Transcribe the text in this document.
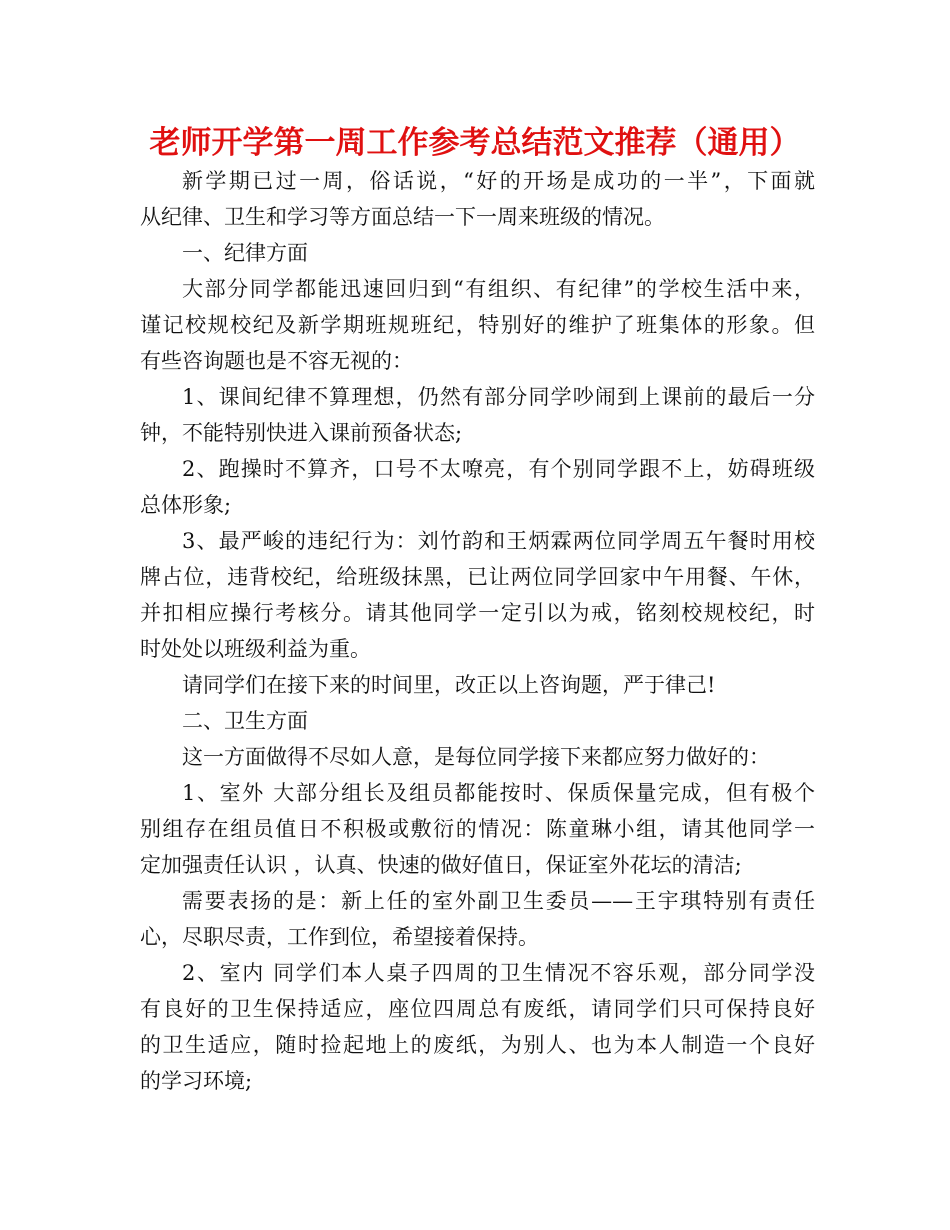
老师开学第一周工作参考总结范文推荐（通用）
新学期已过一周，俗话说，“好的开场是成功的一半”，下面就
从纪律、卫生和学习等方面总结一下一周来班级的情况。
一、纪律方面
大部分同学都能迅速回归到“有组织、有纪律”的学校生活中来，
谨记校规校纪及新学期班规班纪，特别好的维护了班集体的形象。但
有些咨询题也是不容无视的：
1、课间纪律不算理想，仍然有部分同学吵闹到上课前的最后一分
钟，不能特别快进入课前预备状态;
2、跑操时不算齐，口号不太嘹亮，有个别同学跟不上，妨碍班级
总体形象;
3、最严峻的违纪行为：刘竹韵和王炳霖两位同学周五午餐时用校
牌占位，违背校纪，给班级抹黑，已让两位同学回家中午用餐、午休，
并扣相应操行考核分。请其他同学一定引以为戒，铭刻校规校纪，时
时处处以班级利益为重。
请同学们在接下来的时间里，改正以上咨询题，严于律己!
二、卫生方面
这一方面做得不尽如人意，是每位同学接下来都应努力做好的：
1、室外 大部分组长及组员都能按时、保质保量完成，但有极个
别组存在组员值日不积极或敷衍的情况：陈童琳小组，请其他同学一
定加强责任认识 ，认真、快速的做好值日，保证室外花坛的清洁;
需要表扬的是：新上任的室外副卫生委员——王宇琪特别有责任
心，尽职尽责，工作到位，希望接着保持。
2、室内 同学们本人桌子四周的卫生情况不容乐观，部分同学没
有良好的卫生保持适应，座位四周总有废纸，请同学们只可保持良好
的卫生适应，随时捡起地上的废纸，为别人、也为本人制造一个良好
的学习环境;
